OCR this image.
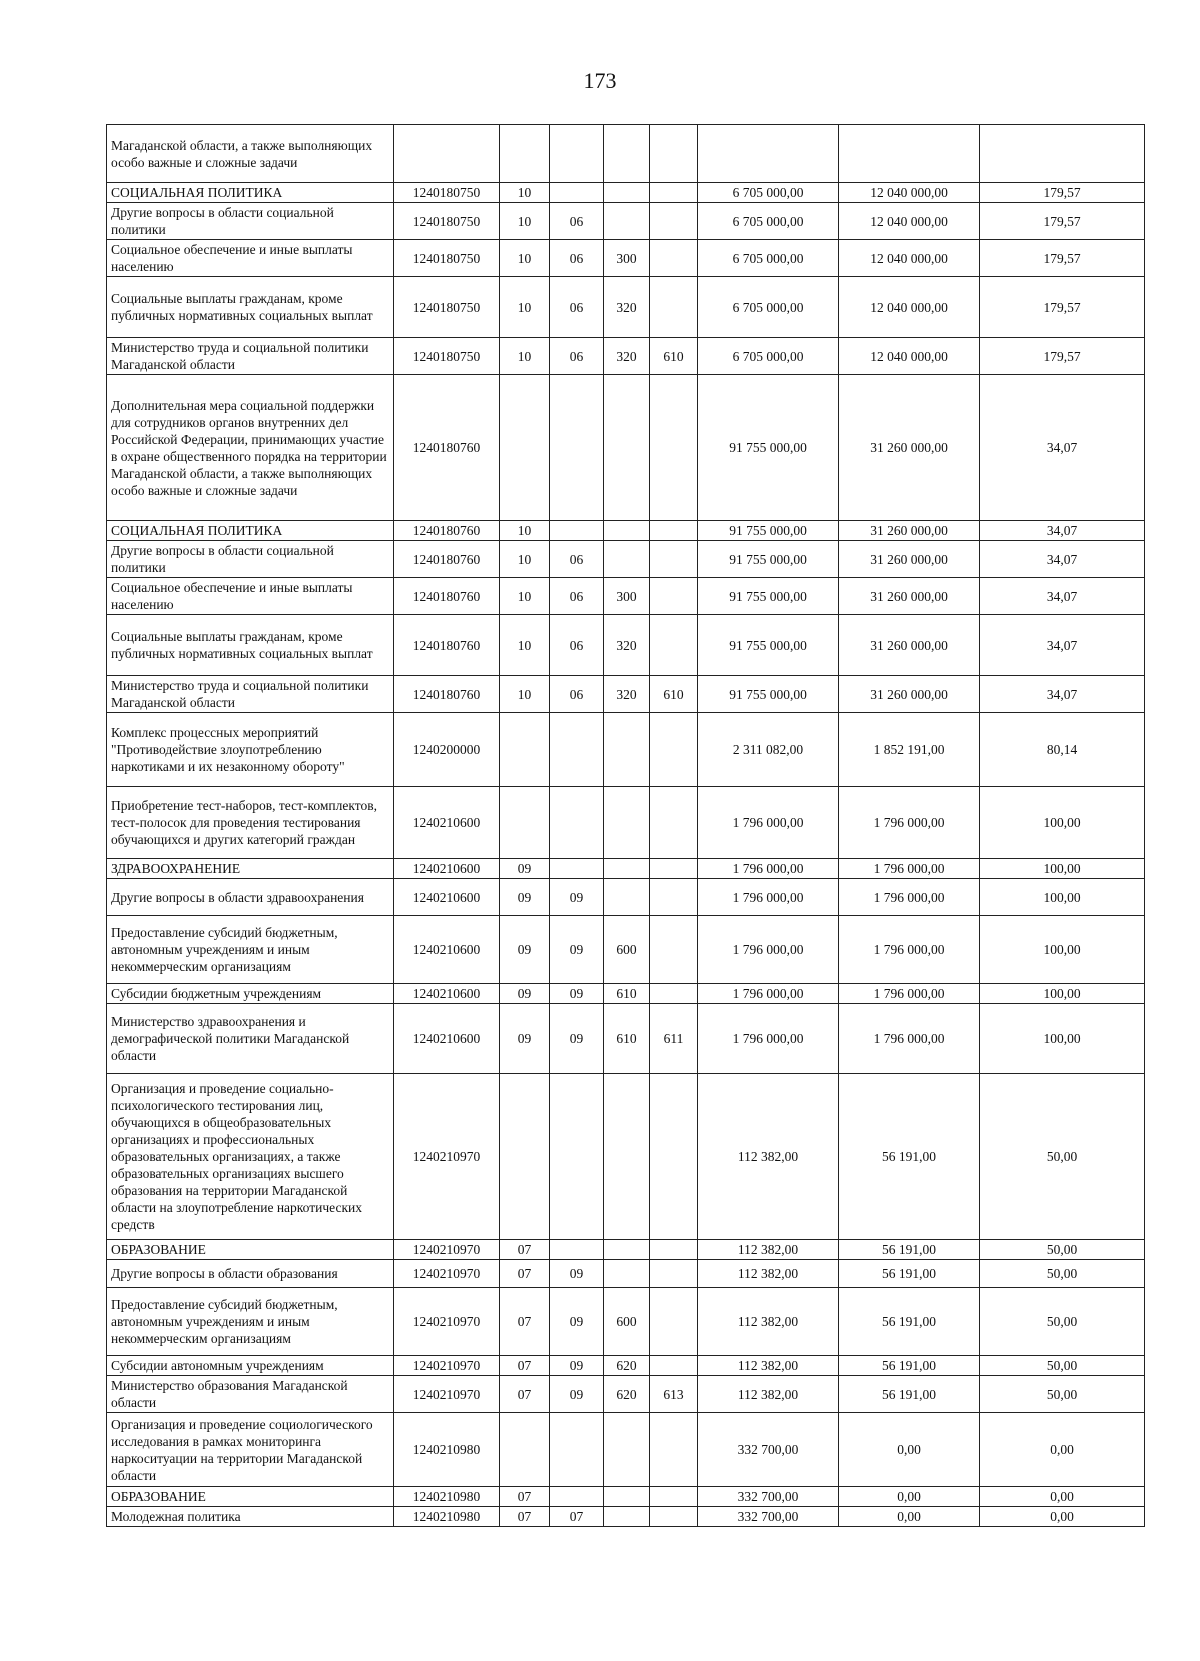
173
Магаданской области, а также выполняющих особо важные и сложные задачи								
СОЦИАЛЬНАЯ ПОЛИТИКА	1240180750	10				6 705 000,00	12 040 000,00	179,57
Другие вопросы в области социальной политики	1240180750	10	06			6 705 000,00	12 040 000,00	179,57
Социальное обеспечение и иные выплаты населению	1240180750	10	06	300		6 705 000,00	12 040 000,00	179,57
Социальные выплаты гражданам, кроме публичных нормативных социальных выплат	1240180750	10	06	320		6 705 000,00	12 040 000,00	179,57
Министерство труда и социальной политики Магаданской области	1240180750	10	06	320	610	6 705 000,00	12 040 000,00	179,57
Дополнительная мера социальной поддержки для сотрудников органов внутренних дел Российской Федерации, принимающих участие в охране общественного порядка на территории Магаданской области, а также выполняющих особо важные и сложные задачи	1240180760					91 755 000,00	31 260 000,00	34,07
СОЦИАЛЬНАЯ ПОЛИТИКА	1240180760	10				91 755 000,00	31 260 000,00	34,07
Другие вопросы в области социальной политики	1240180760	10	06			91 755 000,00	31 260 000,00	34,07
Социальное обеспечение и иные выплаты населению	1240180760	10	06	300		91 755 000,00	31 260 000,00	34,07
Социальные выплаты гражданам, кроме публичных нормативных социальных выплат	1240180760	10	06	320		91 755 000,00	31 260 000,00	34,07
Министерство труда и социальной политики Магаданской области	1240180760	10	06	320	610	91 755 000,00	31 260 000,00	34,07
Комплекс процессных мероприятий "Противодействие злоупотреблению наркотиками и их незаконному обороту"	1240200000					2 311 082,00	1 852 191,00	80,14
Приобретение тест-наборов, тест-комплектов, тест-полосок для проведения тестирования обучающихся и других категорий граждан	1240210600					1 796 000,00	1 796 000,00	100,00
ЗДРАВООХРАНЕНИЕ	1240210600	09				1 796 000,00	1 796 000,00	100,00
Другие вопросы в области здравоохранения	1240210600	09	09			1 796 000,00	1 796 000,00	100,00
Предоставление субсидий бюджетным, автономным учреждениям и иным некоммерческим организациям	1240210600	09	09	600		1 796 000,00	1 796 000,00	100,00
Субсидии бюджетным учреждениям	1240210600	09	09	610		1 796 000,00	1 796 000,00	100,00
Министерство здравоохранения и демографической политики Магаданской области	1240210600	09	09	610	611	1 796 000,00	1 796 000,00	100,00
Организация и проведение социально-психологического тестирования лиц, обучающихся в общеобразовательных организациях и профессиональных образовательных организациях, а также образовательных организациях высшего образования на территории Магаданской области на злоупотребление наркотических средств	1240210970					112 382,00	56 191,00	50,00
ОБРАЗОВАНИЕ	1240210970	07				112 382,00	56 191,00	50,00
Другие вопросы в области образования	1240210970	07	09			112 382,00	56 191,00	50,00
Предоставление субсидий бюджетным, автономным учреждениям и иным некоммерческим организациям	1240210970	07	09	600		112 382,00	56 191,00	50,00
Субсидии автономным учреждениям	1240210970	07	09	620		112 382,00	56 191,00	50,00
Министерство образования Магаданской области	1240210970	07	09	620	613	112 382,00	56 191,00	50,00
Организация и проведение социологического исследования в рамках мониторинга наркоситуации на территории Магаданской области	1240210980					332 700,00	0,00	0,00
ОБРАЗОВАНИЕ	1240210980	07				332 700,00	0,00	0,00
Молодежная политика	1240210980	07	07			332 700,00	0,00	0,00
